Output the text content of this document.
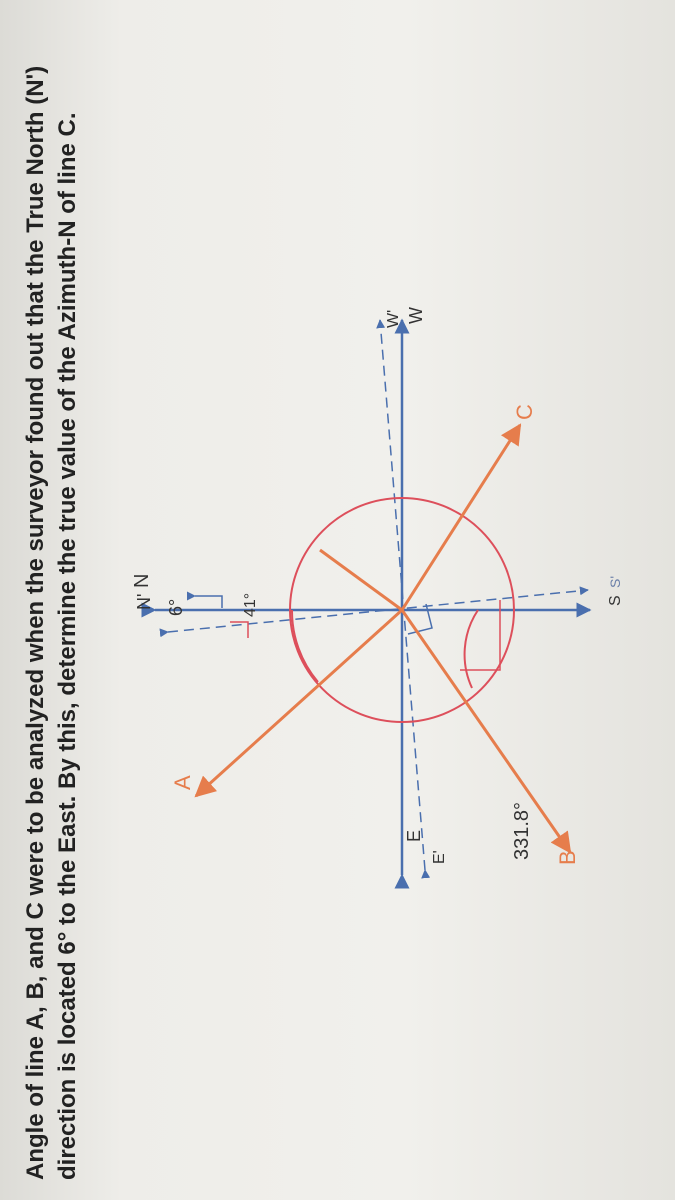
Angle of line A, B, and C were to be analyzed when the surveyor found out that the True North (N') direction is located 6° to the East. By this, determine the true value of the Azimuth-N of line C.	N
N' 6°	41°
A
331.8° B
C
E
E'
W' W
S'
S
